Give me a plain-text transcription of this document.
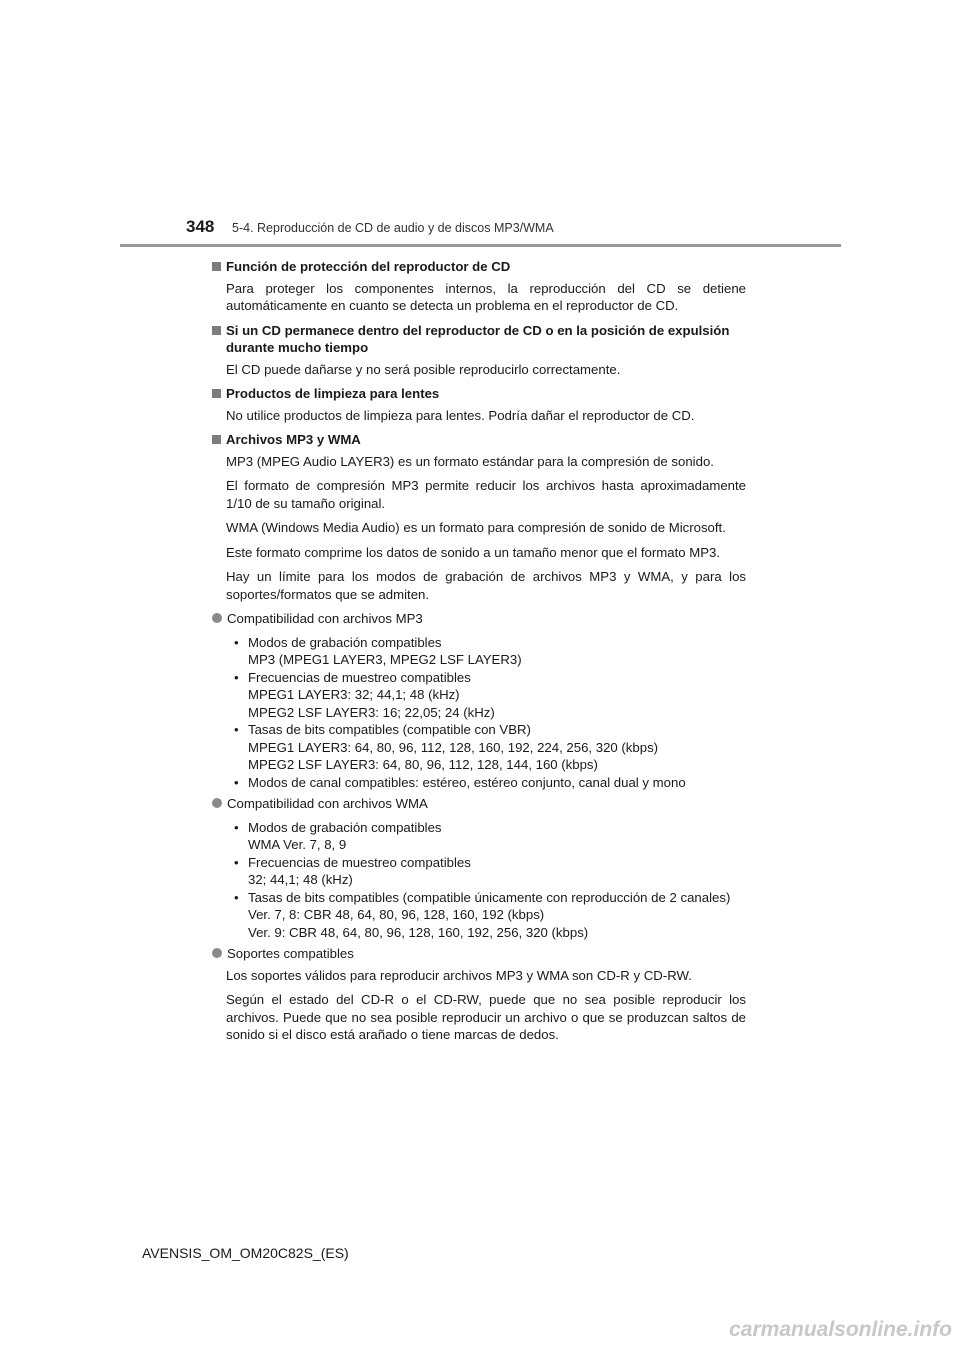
348 5-4. Reproducción de CD de audio y de discos MP3/WMA
Función de protección del reproductor de CD

Para proteger los componentes internos, la reproducción del CD se detiene automáticamente en cuanto se detecta un problema en el reproductor de CD.

Si un CD permanece dentro del reproductor de CD o en la posición de expulsión durante mucho tiempo

El CD puede dañarse y no será posible reproducirlo correctamente.

Productos de limpieza para lentes

No utilice productos de limpieza para lentes. Podría dañar el reproductor de CD.

Archivos MP3 y WMA

MP3 (MPEG Audio LAYER3) es un formato estándar para la compresión de sonido.

El formato de compresión MP3 permite reducir los archivos hasta aproximadamente 1/10 de su tamaño original.

WMA (Windows Media Audio) es un formato para compresión de sonido de Microsoft.

Este formato comprime los datos de sonido a un tamaño menor que el formato MP3.

Hay un límite para los modos de grabación de archivos MP3 y WMA, y para los soportes/formatos que se admiten.

Compatibilidad con archivos MP3
• Modos de grabación compatibles
MP3 (MPEG1 LAYER3, MPEG2 LSF LAYER3)
• Frecuencias de muestreo compatibles
MPEG1 LAYER3: 32; 44,1; 48 (kHz)
MPEG2 LSF LAYER3: 16; 22,05; 24 (kHz)
• Tasas de bits compatibles (compatible con VBR)
MPEG1 LAYER3: 64, 80, 96, 112, 128, 160, 192, 224, 256, 320 (kbps)
MPEG2 LSF LAYER3: 64, 80, 96, 112, 128, 144, 160 (kbps)
• Modos de canal compatibles: estéreo, estéreo conjunto, canal dual y mono
Compatibilidad con archivos WMA
• Modos de grabación compatibles
WMA Ver. 7, 8, 9
• Frecuencias de muestreo compatibles
32; 44,1; 48 (kHz)
• Tasas de bits compatibles (compatible únicamente con reproducción de 2 canales)
Ver. 7, 8: CBR 48, 64, 80, 96, 128, 160, 192 (kbps)
Ver. 9: CBR 48, 64, 80, 96, 128, 160, 192, 256, 320 (kbps)
Soportes compatibles

Los soportes válidos para reproducir archivos MP3 y WMA son CD-R y CD-RW.

Según el estado del CD-R o el CD-RW, puede que no sea posible reproducir los archivos. Puede que no sea posible reproducir un archivo o que se produzcan saltos de sonido si el disco está arañado o tiene marcas de dedos.

AVENSIS_OM_OM20C82S_(ES)
carmanualsonline.info
